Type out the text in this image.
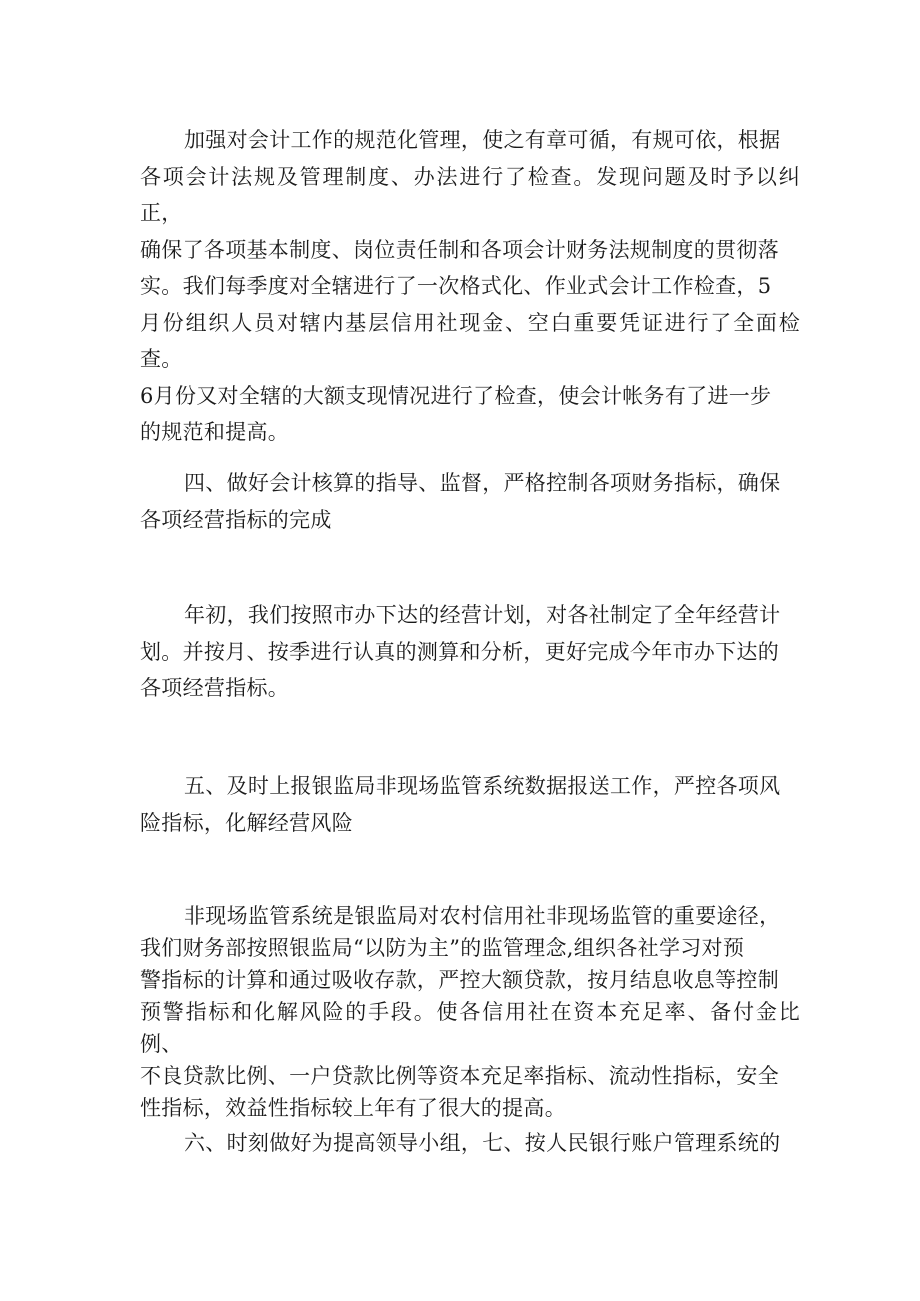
加强对会计工作的规范化管理，使之有章可循，有规可依，根据
各项会计法规及管理制度、办法进行了检查。发现问题及时予以纠正，
确保了各项基本制度、岗位责任制和各项会计财务法规制度的贯彻落
实。我们每季度对全辖进行了一次格式化、作业式会计工作检查，5
月份组织人员对辖内基层信用社现金、空白重要凭证进行了全面检查。
6月份又对全辖的大额支现情况进行了检查，使会计帐务有了进一步
的规范和提高。

四、做好会计核算的指导、监督，严格控制各项财务指标，确保
各项经营指标的完成

年初，我们按照市办下达的经营计划，对各社制定了全年经营计
划。并按月、按季进行认真的测算和分析，更好完成今年市办下达的
各项经营指标。

五、及时上报银监局非现场监管系统数据报送工作，严控各项风
险指标，化解经营风险

非现场监管系统是银监局对农村信用社非现场监管的重要途径，
我们财务部按照银监局“以防为主”的监管理念,组织各社学习对预
警指标的计算和通过吸收存款，严控大额贷款，按月结息收息等控制
预警指标和化解风险的手段。使各信用社在资本充足率、备付金比例、
不良贷款比例、一户贷款比例等资本充足率指标、流动性指标，安全
性指标，效益性指标较上年有了很大的提高。

六、时刻做好为提高领导小组，七、按人民银行账户管理系统的
